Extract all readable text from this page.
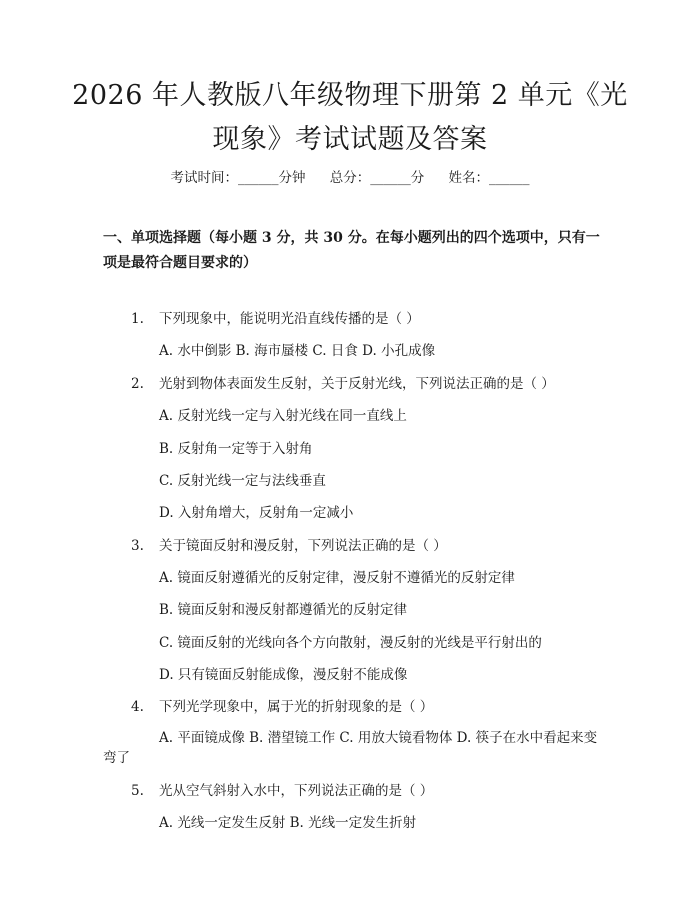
2026 年人教版八年级物理下册第 2 单元《光现象》考试试题及答案
考试时间：______分钟 总分：______分 姓名：______
一、单项选择题（每小题 3 分，共 30 分。在每小题列出的四个选项中，只有一项是最符合题目要求的）
1. 下列现象中，能说明光沿直线传播的是（ ）
A. 水中倒影 B. 海市蜃楼 C. 日食 D. 小孔成像
2. 光射到物体表面发生反射，关于反射光线，下列说法正确的是（ ）
A. 反射光线一定与入射光线在同一直线上
B. 反射角一定等于入射角
C. 反射光线一定与法线垂直
D. 入射角增大，反射角一定减小
3. 关于镜面反射和漫反射，下列说法正确的是（ ）
A. 镜面反射遵循光的反射定律，漫反射不遵循光的反射定律
B. 镜面反射和漫反射都遵循光的反射定律
C. 镜面反射的光线向各个方向散射，漫反射的光线是平行射出的
D. 只有镜面反射能成像，漫反射不能成像
4. 下列光学现象中，属于光的折射现象的是（ ）
A. 平面镜成像 B. 潜望镜工作 C. 用放大镜看物体 D. 筷子在水中看起来变弯了
5. 光从空气斜射入水中，下列说法正确的是（ ）
A. 光线一定发生反射 B. 光线一定发生折射
